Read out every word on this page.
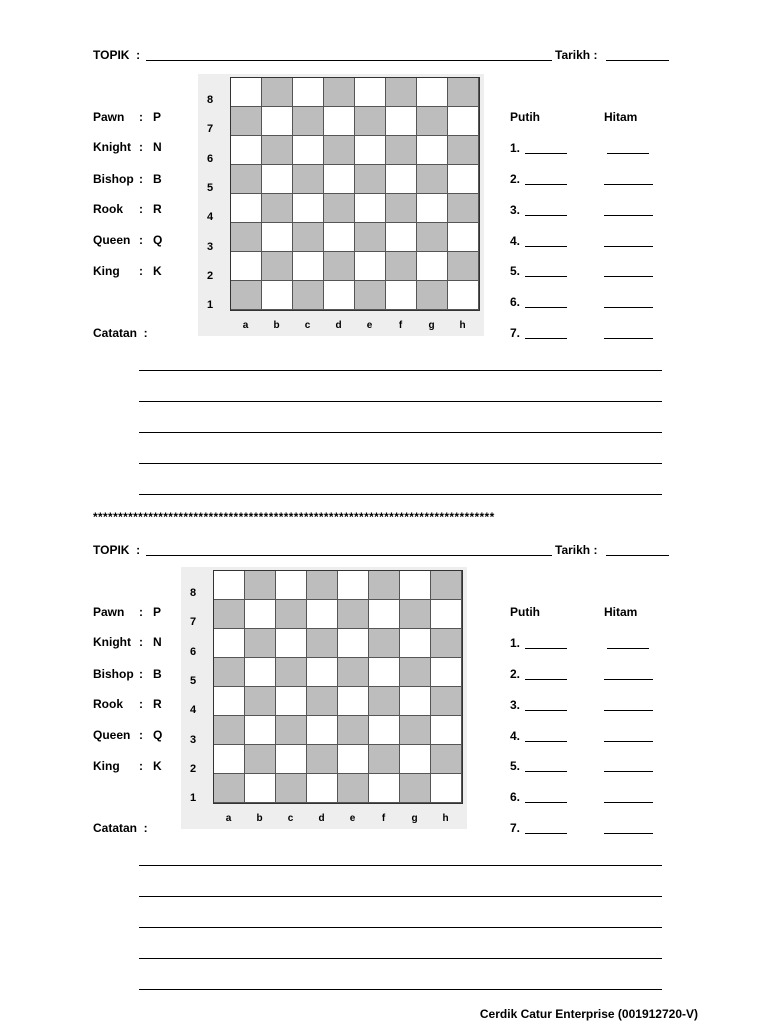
TOPIK  :	Tarikh :
Pawn : P
Knight : N
Bishop : B
Rook : R
Queen : Q
King : K
Catatan  :
8
7
6
5
4
3
2
1
a	b	c	d	e	f	g	h
Putih	Hitam
1.
2.
3.
4.
5.
6.
7.
TOPIK  :	Tarikh :
Pawn : P
Knight : N
Bishop : B
Rook : R
Queen : Q
King : K
Catatan  :
8
7
6
5
4
3
2
1
a	b	c	d	e	f	g	h
Putih	Hitam
1.
2.
3.
4.
5.
6.
7.
********************************************************************************
Cerdik Catur Enterprise (001912720-V)
